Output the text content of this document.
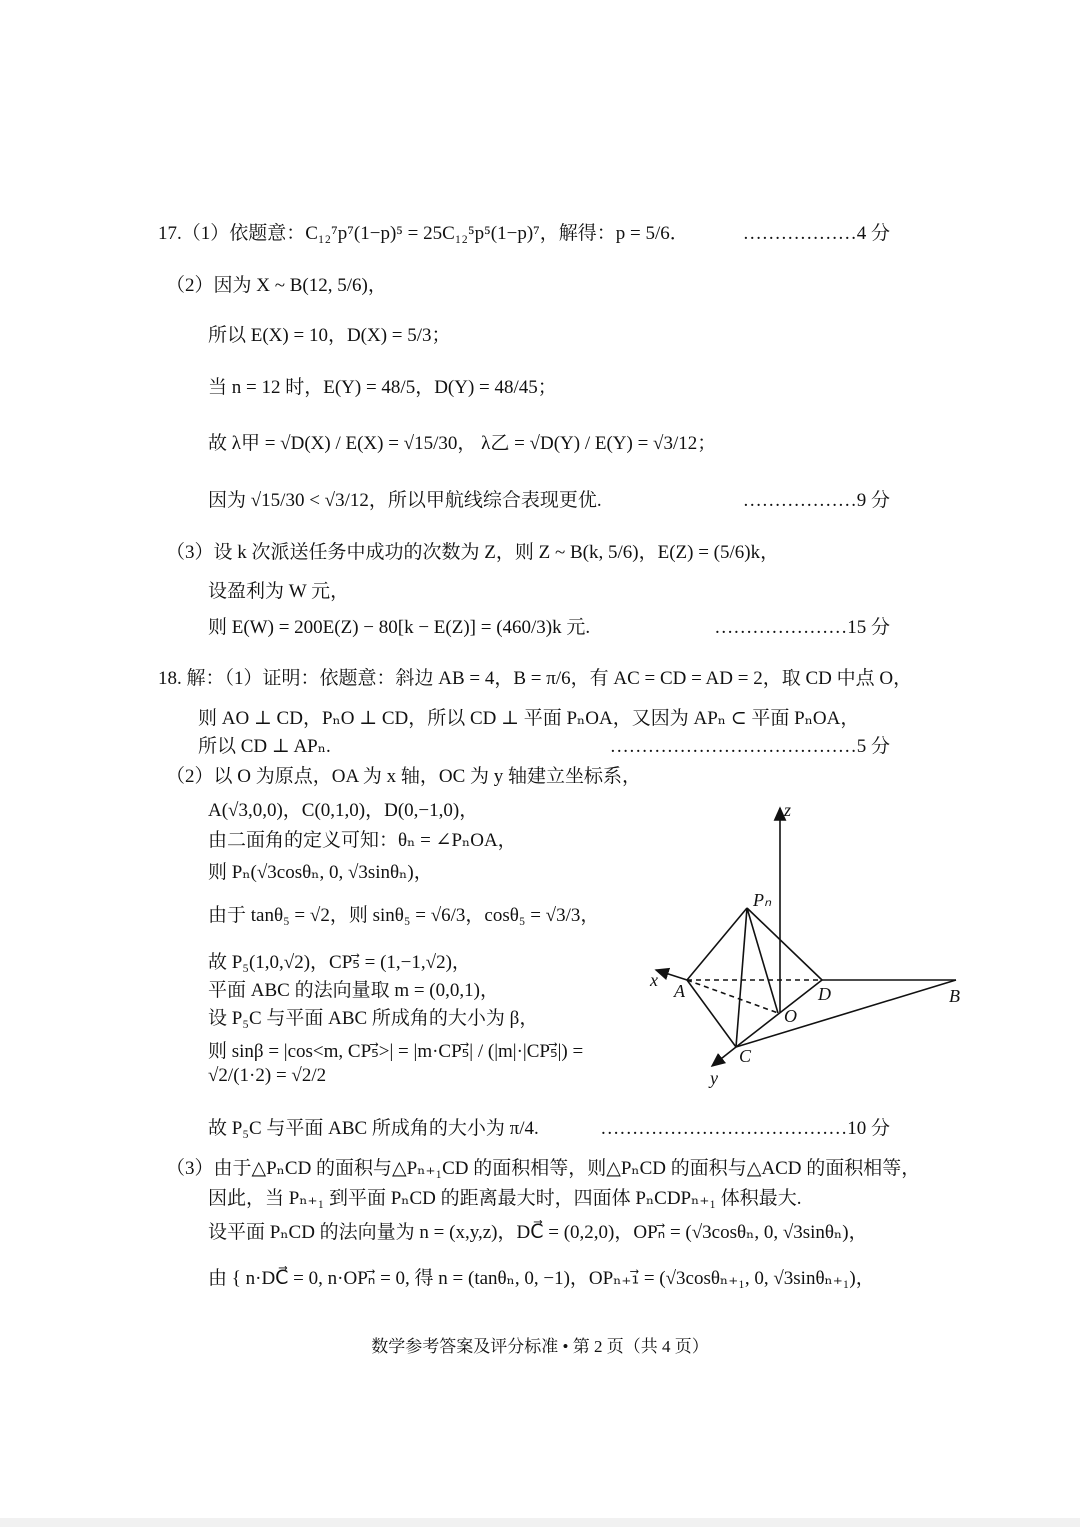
17.（1）依题意：C₁₂⁷p⁷(1−p)⁵ = 25C₁₂⁵p⁵(1−p)⁷，解得：p = 5/6．	………………4 分
（2）因为 X ~ B(12, 5/6)，
所以 E(X) = 10，D(X) = 5/3；
当 n = 12 时，E(Y) = 48/5，D(Y) = 48/45；
故 λ甲 = √D(X) / E(X) = √15/30， λ乙 = √D(Y) / E(Y) = √3/12；
因为 √15/30 < √3/12，所以甲航线综合表现更优.	………………9 分
（3）设 k 次派送任务中成功的次数为 Z，则 Z ~ B(k, 5/6)，E(Z) = (5/6)k，
设盈利为 W 元，
则 E(W) = 200E(Z) − 80[k − E(Z)] = (460/3)k 元.	…………………15 分
18. 解：（1）证明：依题意：斜边 AB = 4，B = π/6，有 AC = CD = AD = 2，取 CD 中点 O，
则 AO ⊥ CD，PₙO ⊥ CD，所以 CD ⊥ 平面 PₙOA，又因为 APₙ ⊂ 平面 PₙOA，
所以 CD ⊥ APₙ.	…………………………………5 分
（2）以 O 为原点，OA 为 x 轴，OC 为 y 轴建立坐标系，
A(√3,0,0)，C(0,1,0)，D(0,−1,0)，
由二面角的定义可知：θₙ = ∠PₙOA，
则 Pₙ(√3cosθₙ, 0, √3sinθₙ)，
由于 tanθ₅ = √2，则 sinθ₅ = √6/3，cosθ₅ = √3/3，
故 P₅(1,0,√2)，CP₅⃗ = (1,−1,√2)，
平面 ABC 的法向量取 m = (0,0,1)，
设 P₅C 与平面 ABC 所成角的大小为 β，
则 sinβ = |cos<m, CP₅⃗>| = |m·CP₅⃗| / (|m|·|CP₅⃗|) = √2/(1·2) = √2/2
故 P₅C 与平面 ABC 所成角的大小为 π/4.	…………………………………10 分
（3）由于△PₙCD 的面积与△Pₙ₊₁CD 的面积相等，则△PₙCD 的面积与△ACD 的面积相等，
因此，当 Pₙ₊₁ 到平面 PₙCD 的距离最大时，四面体 PₙCDPₙ₊₁ 体积最大.
设平面 PₙCD 的法向量为 n = (x,y,z)，DC⃗ = (0,2,0)，OPₙ⃗ = (√3cosθₙ, 0, √3sinθₙ)，
由 { n·DC⃗ = 0, n·OPₙ⃗ = 0, 得 n = (tanθₙ, 0, −1)，OPₙ₊₁⃗ = (√3cosθₙ₊₁, 0, √3sinθₙ₊₁)，
z
x
y
Pₙ
A	D	B
O
C
数学参考答案及评分标准 • 第 2 页（共 4 页）
